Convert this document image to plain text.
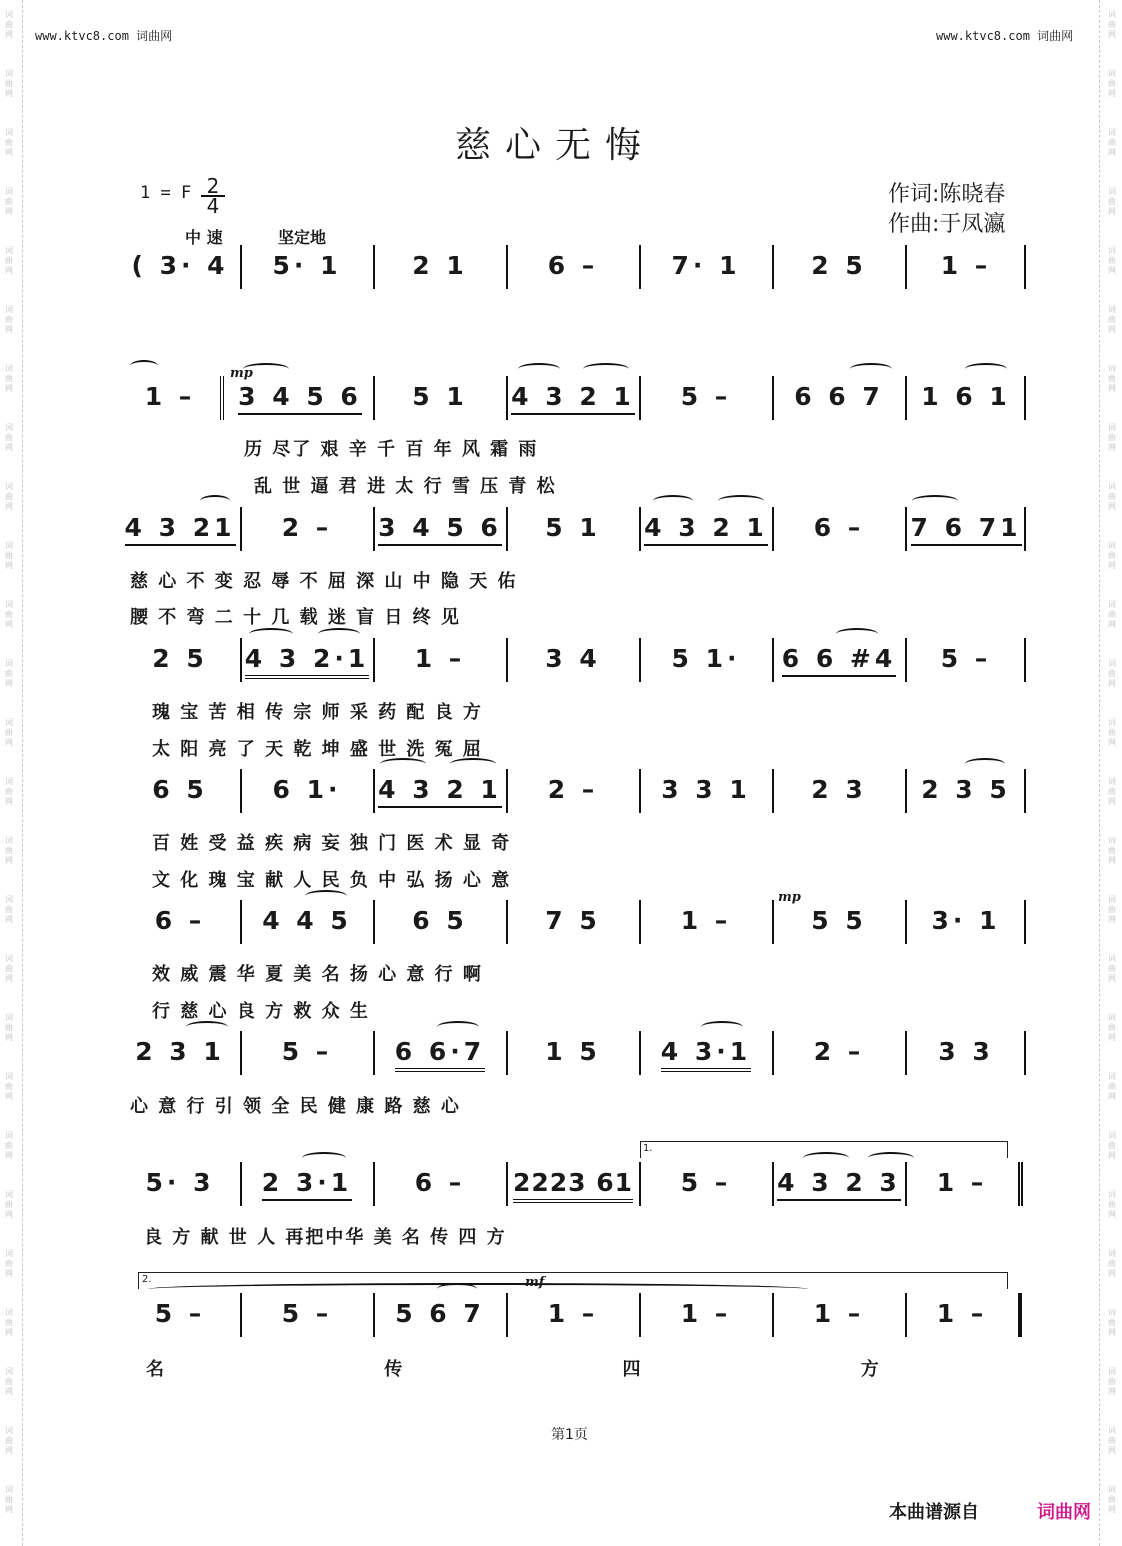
词曲网
词曲网
词曲网
词曲网
词曲网
词曲网
词曲网
词曲网
词曲网
词曲网
词曲网
词曲网
词曲网
词曲网
词曲网
词曲网
词曲网
词曲网
词曲网
词曲网
词曲网
词曲网
词曲网
词曲网
词曲网
词曲网
词曲网
词曲网
词曲网
词曲网
词曲网
词曲网
词曲网
词曲网
词曲网
词曲网
词曲网
词曲网
词曲网
词曲网
词曲网
词曲网
词曲网
词曲网
词曲网
词曲网
词曲网
词曲网
词曲网
词曲网
词曲网
词曲网
www.ktvc8.com 词曲网	www.ktvc8.com 词曲网
慈心无悔
1 = F $\frac{2}{4}$	作词:陈晓春
作曲:于凤瀛
中 速	坚定地
mp
mp
mf
1.
2.
( 3· 4 5· 1	2 1	6 –	7· 1	2 5	1 –
1 – 3 4 5 6 5 1 4 3 2 1 5 –	6 6 7 1 6 1
历 尽了 艰 辛 千 百 年 风 霜 雨
乱 世 逼 君 进 太 行 雪 压 青 松
4 3 21 2 – 3 4 5 6 5 1 4 3 2 1 6 – 7 6 71
慈 心 不 变 忍 辱 不 屈 深 山 中 隐 天 佑
腰 不 弯 二 十 几 载 迷 盲 日 终 见
2 5 4 3 2·1 1 –	3 4	5 1· 6 6 #4 5 –
瑰 宝 苦 相 传 宗 师 采 药 配 良 方
太 阳 亮 了 天 乾 坤 盛 世 洗 冤 屈
6 5	6 1· 4 3 2 1 2 –	3 3 1 2 3 2 3 5
百 姓 受 益 疾 病 妄 独 门 医 术 显 奇
文 化 瑰 宝 献 人 民 负 中 弘 扬 心 意
6 – 4 4 5 6 5	7 5	1 –	5 5	3· 1
效 威 震 华 夏 美 名 扬 心 意 行 啊
行 慈 心 良 方 救 众 生
2 3 1 5 –	6 6·7 1 5 4 3·1	2 –	3 3
心 意 行 引 领 全 民 健 康 路 慈 心
5· 3 2 3·1	6 – 2223 61 5 – 4 3 2 3 1 –
良 方 献 世 人 再把中华 美 名 传 四 方
5 –	5 –	5 6 7	1 –	1 –	1 –	1 –
名 传 四 方
第1页
本曲谱源自	词曲网
